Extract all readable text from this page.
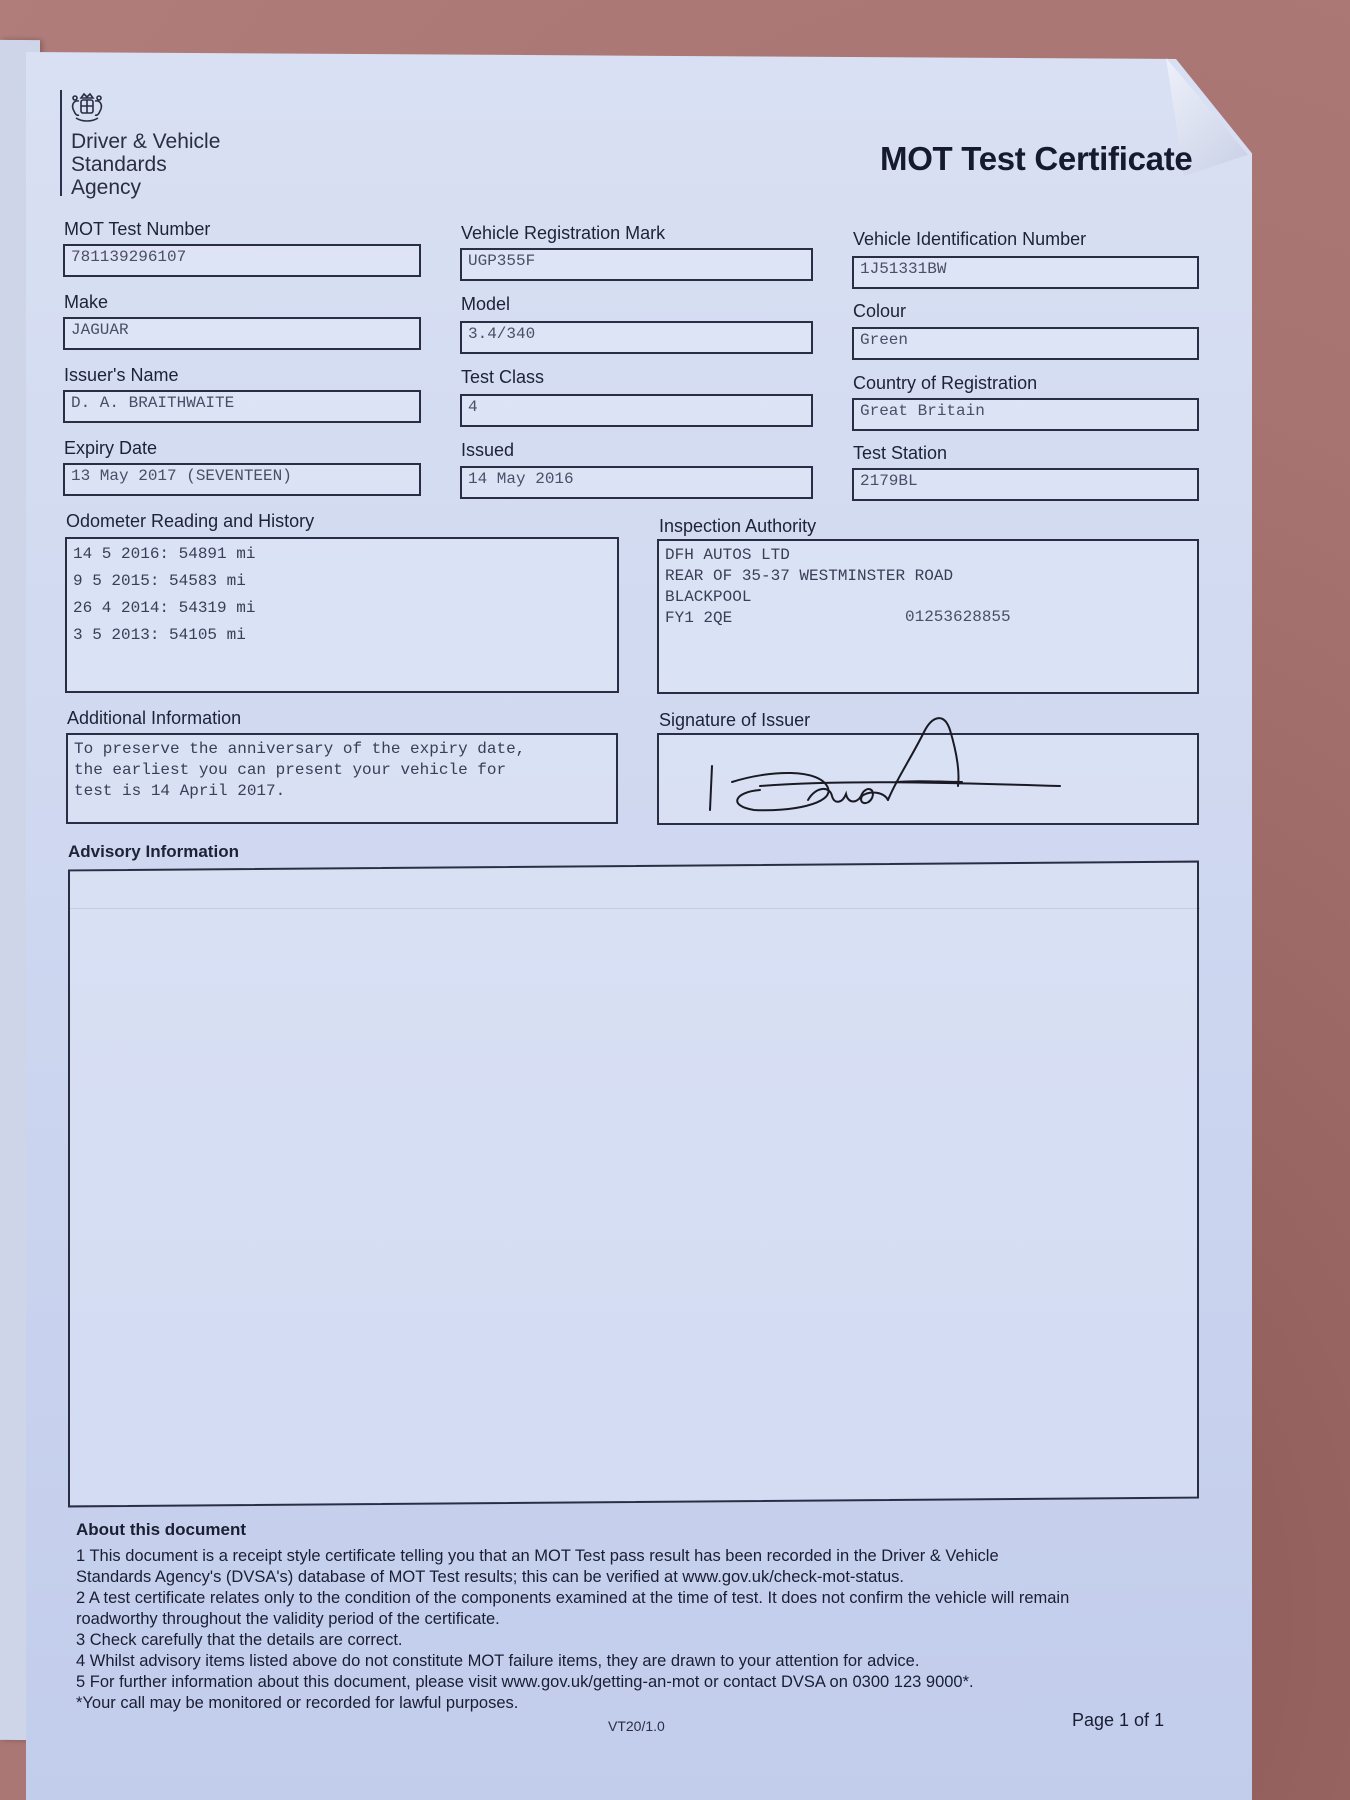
Driver & Vehicle
Standards
Agency
MOT Test Certificate
MOT Test Number
781139296107
Vehicle Registration Mark
UGP355F
Vehicle Identification Number
1J51331BW
Make
JAGUAR
Model
3.4/340
Colour
Green
Issuer's Name
D. A. BRAITHWAITE
Test Class
4
Country of Registration
Great Britain
Expiry Date
13 May 2017 (SEVENTEEN)
Issued
14 May 2016
Test Station
2179BL
Odometer Reading and History
14 5 2016: 54891 mi
9 5 2015: 54583 mi
26 4 2014: 54319 mi
3 5 2013: 54105 mi
Inspection Authority
DFH AUTOS LTD
REAR OF 35-37 WESTMINSTER ROAD
BLACKPOOL
FY1 2QE	01253628855
Additional Information
To preserve the anniversary of the expiry date,
the earliest you can present your vehicle for
test is 14 April 2017.
Signature of Issuer
Advisory Information
About this document
1 This document is a receipt style certificate telling you that an MOT Test pass result has been recorded in the Driver & Vehicle
Standards Agency's (DVSA's) database of MOT Test results; this can be verified at www.gov.uk/check-mot-status.
2 A test certificate relates only to the condition of the components examined at the time of test. It does not confirm the vehicle will remain
roadworthy throughout the validity period of the certificate.
3 Check carefully that the details are correct.
4 Whilst advisory items listed above do not constitute MOT failure items, they are drawn to your attention for advice.
5 For further information about this document, please visit www.gov.uk/getting-an-mot or contact DVSA on 0300 123 9000*.
*Your call may be monitored or recorded for lawful purposes.
VT20/1.0	Page 1 of 1
